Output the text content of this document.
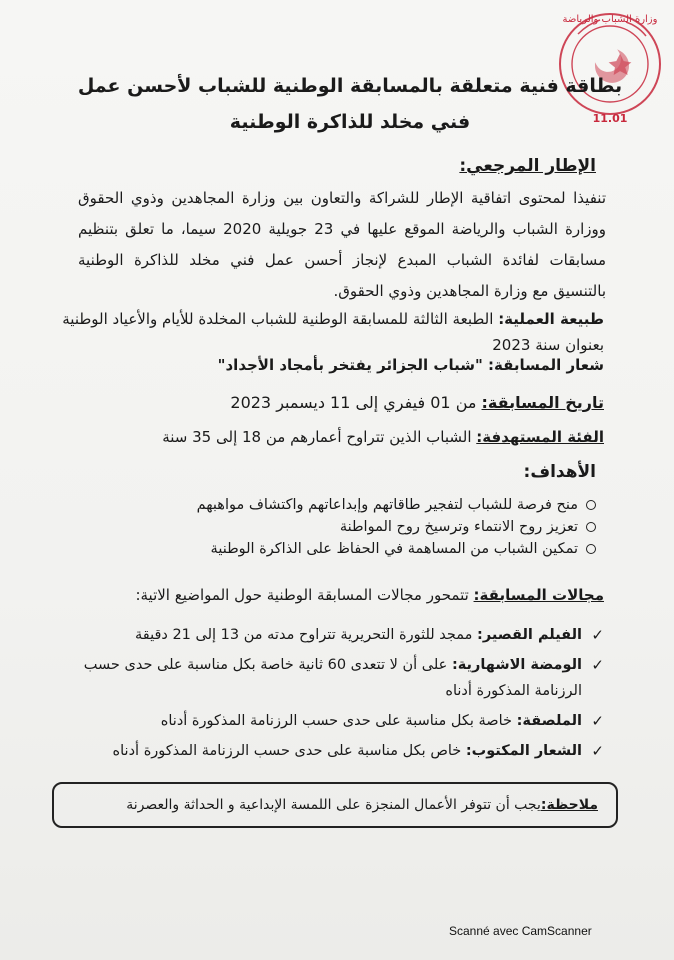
وزارة الشباب والرياضة
11.01
بطاقة فنية متعلقة بالمسابقة الوطنية للشباب لأحسن عمل فني مخلد للذاكرة الوطنية
الإطار المرجعي:
تنفيذا لمحتوى اتفاقية الإطار للشراكة والتعاون بين وزارة المجاهدين وذوي الحقوق ووزارة الشباب والرياضة الموقع عليها في 23 جويلية 2020 سيما، ما تعلق بتنظيم مسابقات لفائدة الشباب المبدع لإنجاز أحسن عمل فني مخلد للذاكرة الوطنية بالتنسيق مع وزارة المجاهدين وذوي الحقوق.
طبيعة العملية: الطبعة الثالثة للمسابقة الوطنية للشباب المخلدة للأيام والأعياد الوطنية بعنوان سنة 2023
شعار المسابقة: "شباب الجزائر يفتخر بأمجاد الأجداد"
تاريخ المسابقة: من 01 فيفري إلى 11 ديسمبر 2023
الفئة المستهدفة: الشباب الذين تتراوح أعمارهم من 18 إلى 35 سنة
الأهداف:
منح فرصة للشباب لتفجير طاقاتهم وإبداعاتهم واكتشاف مواهبهم
تعزيز روح الانتماء وترسيخ روح المواطنة
تمكين الشباب من المساهمة في الحفاظ على الذاكرة الوطنية
مجالات المسابقة: تتمحور مجالات المسابقة الوطنية حول المواضيع الاتية:
✓
الفيلم القصير: ممجد للثورة التحريرية تتراوح مدته من 13 إلى 21 دقيقة
✓
الومضة الاشهارية: على أن لا تتعدى 60 ثانية خاصة بكل مناسبة على حدى حسب الرزنامة المذكورة أدناه
✓
الملصقة: خاصة بكل مناسبة على حدى حسب الرزنامة المذكورة أدناه
✓
الشعار المكتوب: خاص بكل مناسبة على حدى حسب الرزنامة المذكورة أدناه
ملاحظة:
يجب أن تتوفر الأعمال المنجزة على اللمسة الإبداعية و الحداثة والعصرنة
Scanné avec CamScanner
